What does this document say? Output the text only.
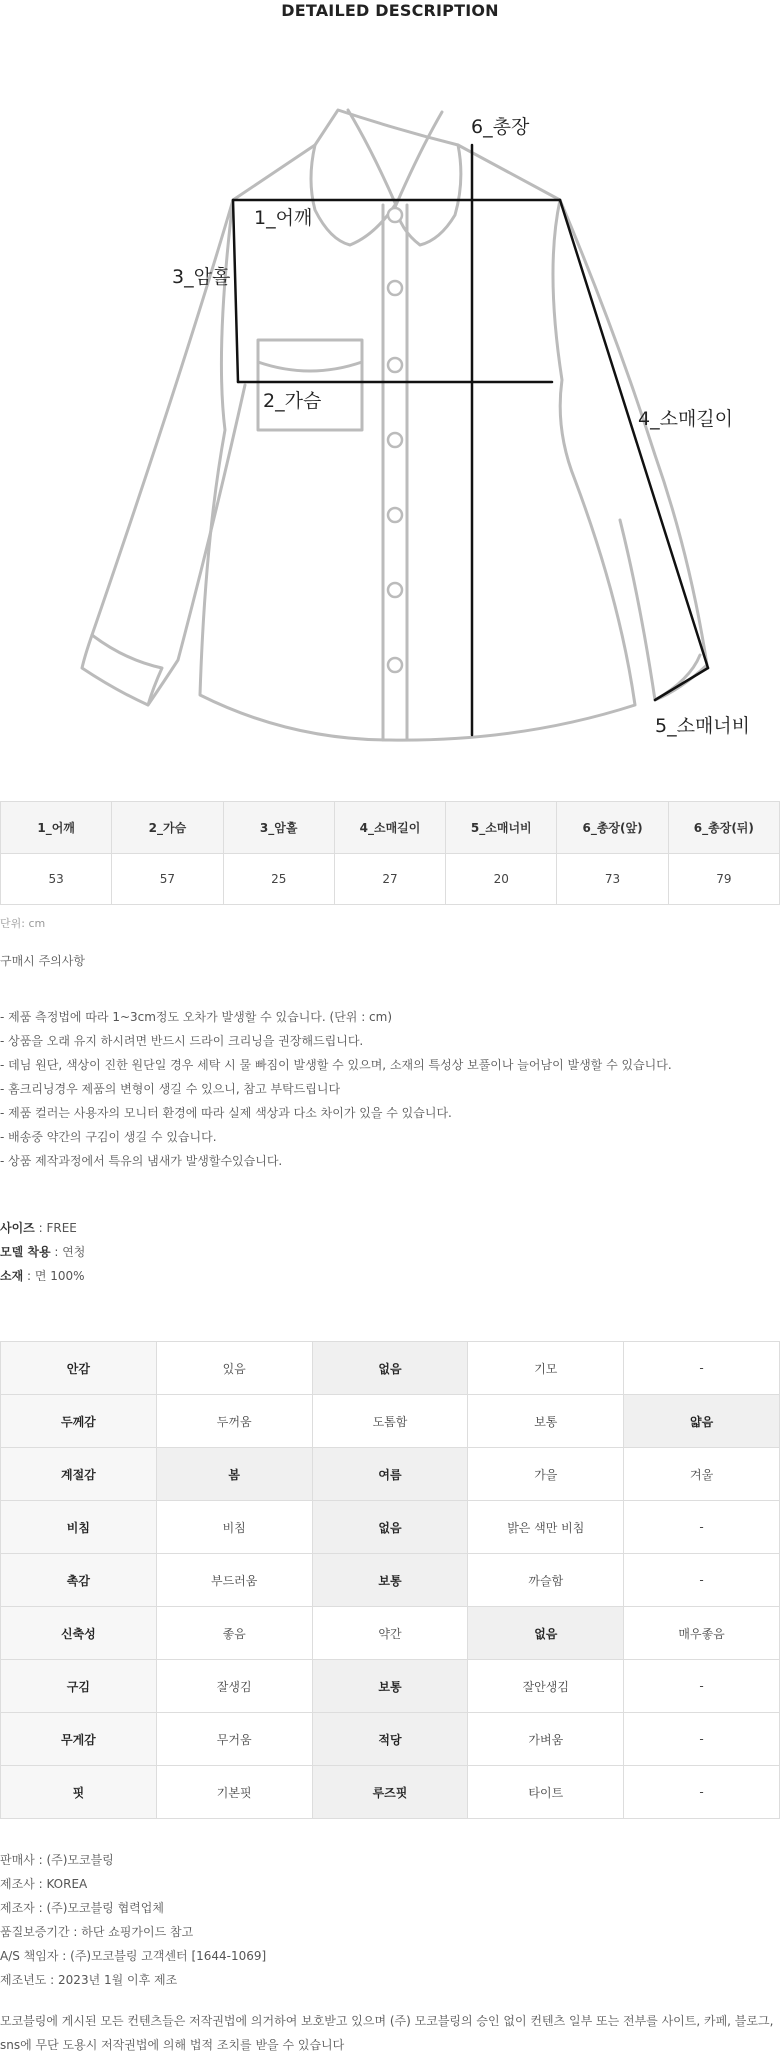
DETAILED DESCRIPTION
6_총장
1_어깨
3_암홀
2_가슴
4_소매길이
5_소매너비
1_어깨	2_가슴	3_암홀	4_소매길이	5_소매너비	6_총장(앞)	6_총장(뒤)
53	57	25	27	20	73	79
단위: cm
구매시 주의사항
- 제품 측정법에 따라 1~3cm정도 오차가 발생할 수 있습니다. (단위 : cm)
- 상품을 오래 유지 하시려면 반드시 드라이 크리닝을 권장해드립니다.
- 데님 원단, 색상이 진한 원단일 경우 세탁 시 물 빠짐이 발생할 수 있으며, 소재의 특성상 보풀이나 늘어남이 발생할 수 있습니다.
- 홈크리닝경우 제품의 변형이 생길 수 있으니, 참고 부탁드립니다
- 제품 컬러는 사용자의 모니터 환경에 따라 실제 색상과 다소 차이가 있을 수 있습니다.
- 배송중 약간의 구김이 생길 수 있습니다.
- 상품 제작과정에서 특유의 냄새가 발생할수있습니다.
사이즈 : FREE
모델 착용 : 연청
소재 : 면 100%
안감	있음	없음	기모	-
두께감	두꺼움	도톰함	보통	얇음
계절감	봄	여름	가을	겨울
비침	비침	없음	밝은 색만 비침	-
촉감	부드러움	보통	까슬함	-
신축성	좋음	약간	없음	매우좋음
구김	잘생김	보통	잘안생김	-
무게감	무거움	적당	가벼움	-
핏	기본핏	루즈핏	타이트	-
판매사 : (주)모코블링
제조사 : KOREA
제조자 : (주)모코블링 협력업체
품질보증기간 : 하단 쇼핑가이드 참고
A/S 책임자 : (주)모코블링 고객센터 [1644-1069]
제조년도 : 2023년 1월 이후 제조
모코블링에 게시된 모든 컨텐츠들은 저작권법에 의거하여 보호받고 있으며 (주) 모코블링의 승인 없이 컨텐츠 일부 또는 전부를 사이트, 카페, 블로그, sns에 무단 도용시 저작권법에 의해 법적 조치를 받을 수 있습니다
